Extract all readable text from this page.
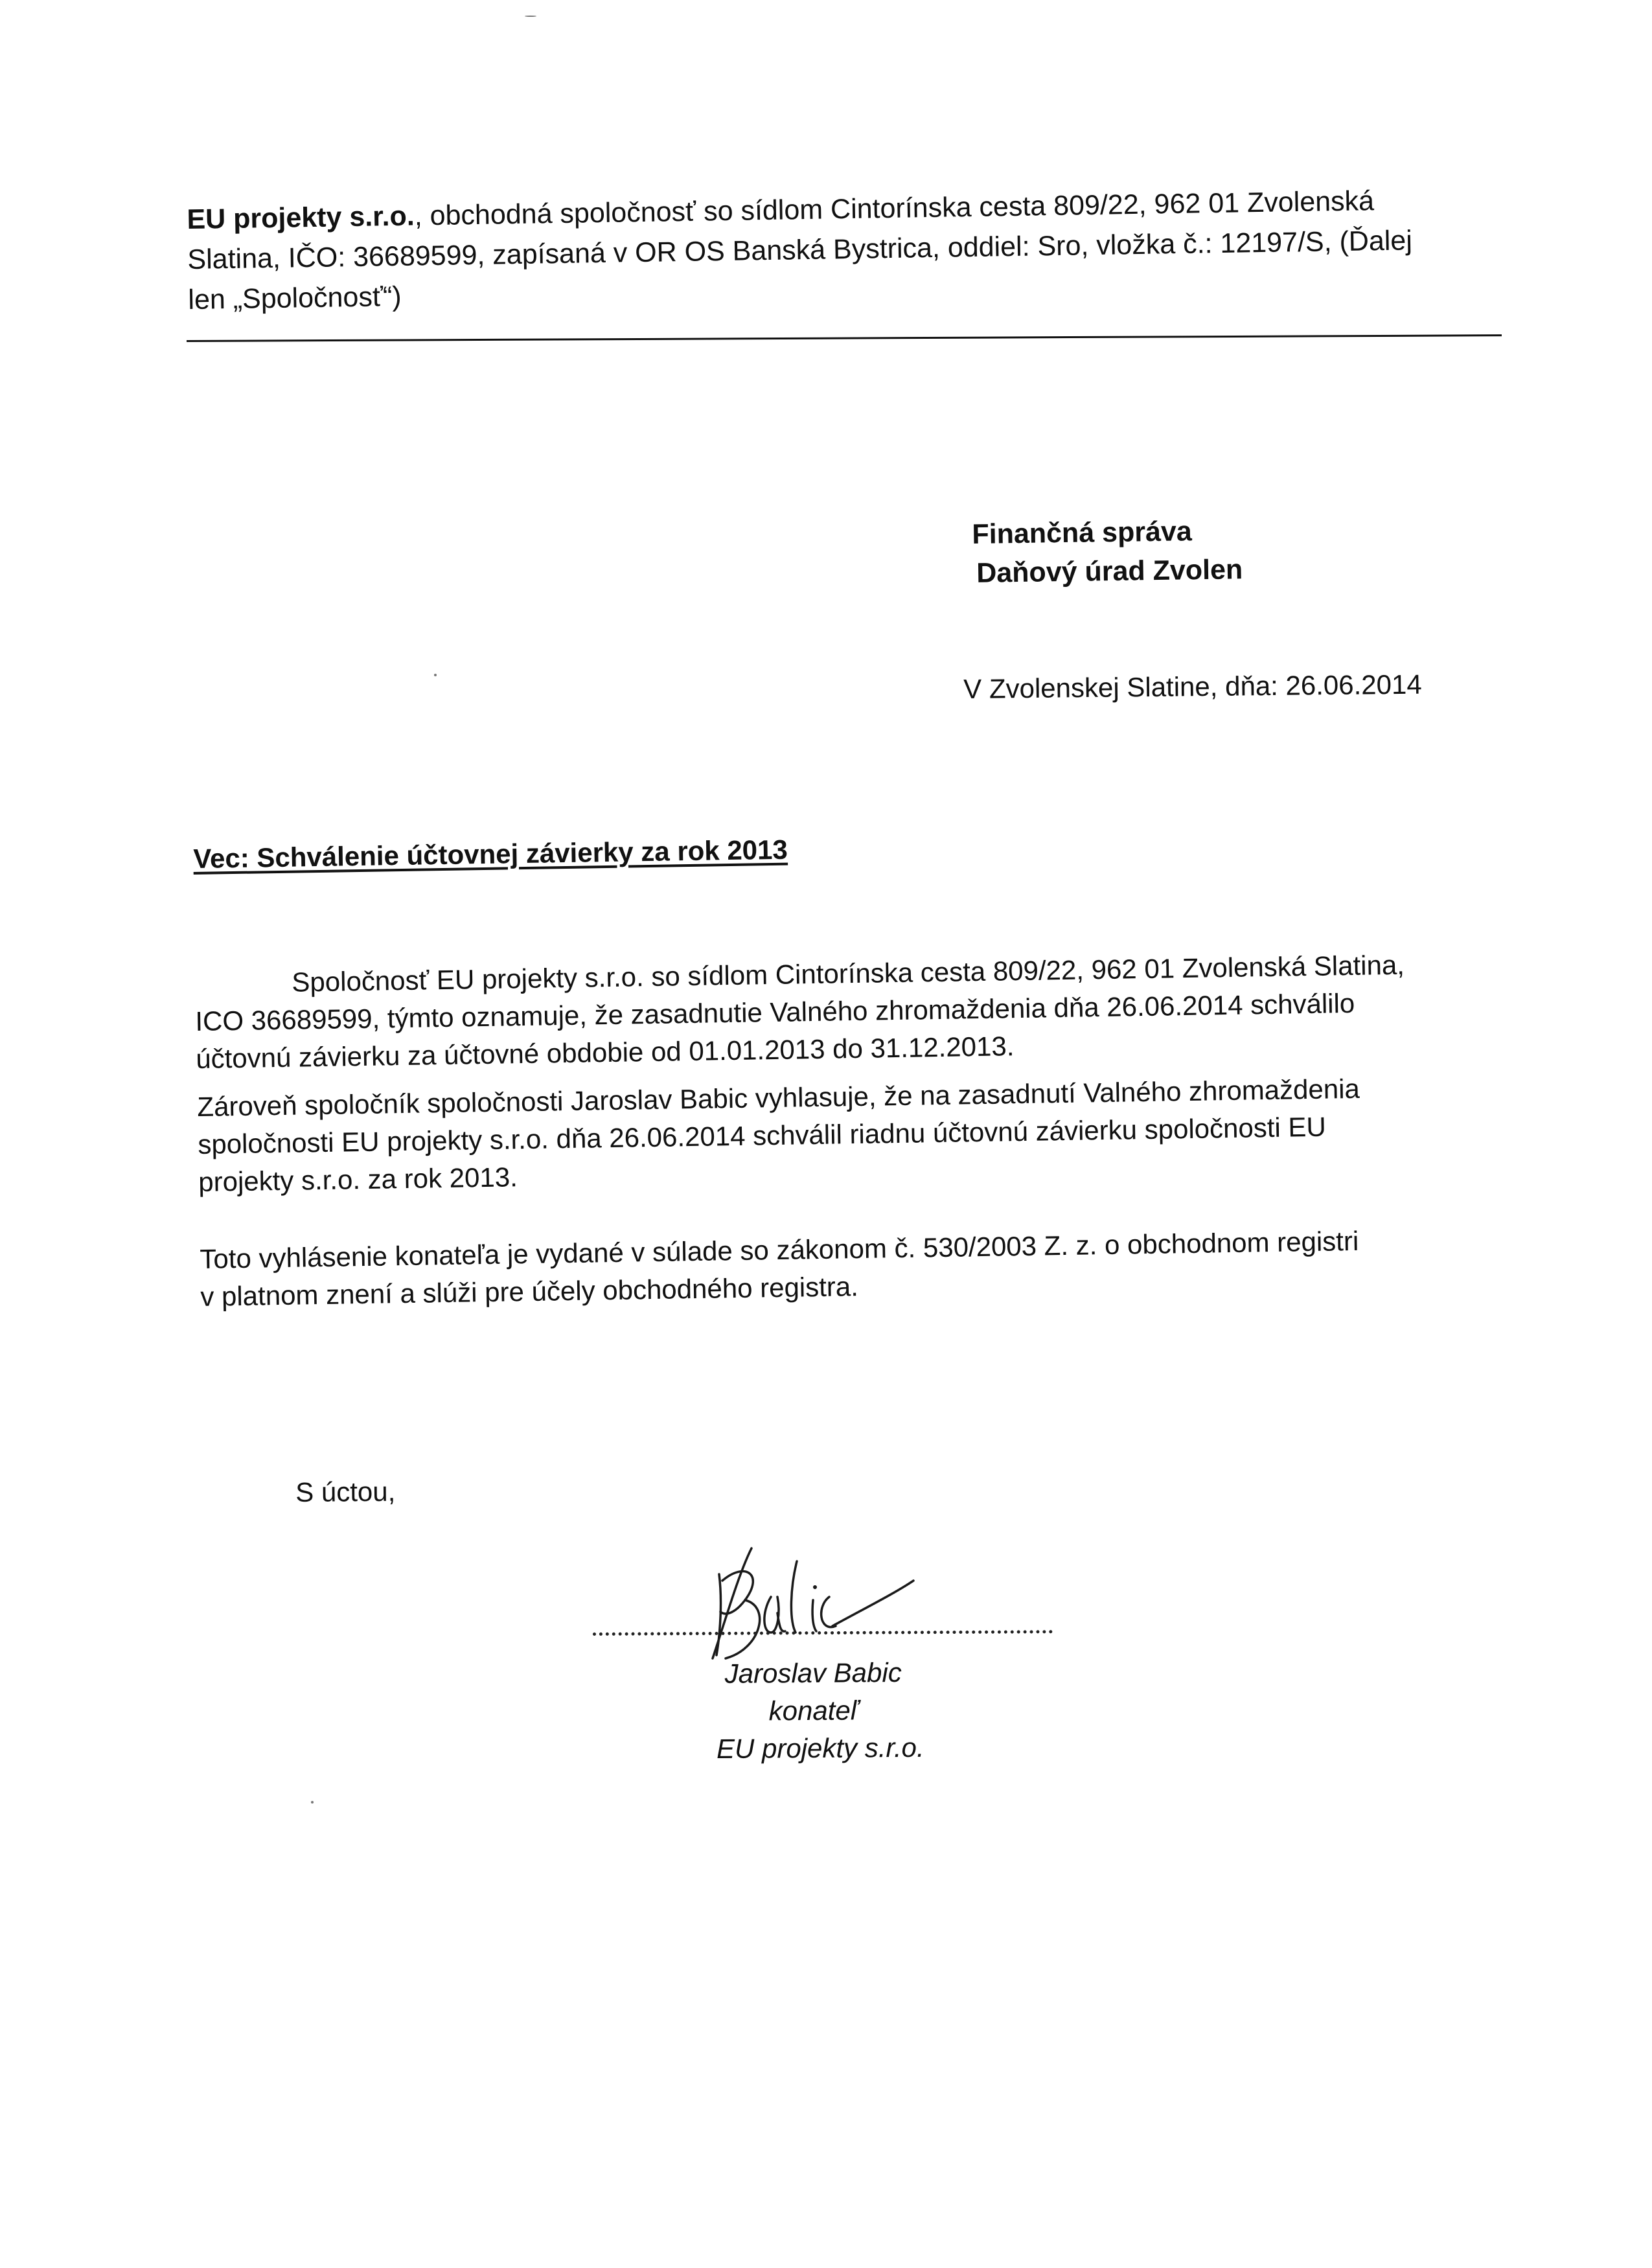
EU projekty s.r.o., obchodná spoločnosť so sídlom Cintorínska cesta 809/22, 962 01 Zvolenská
Slatina, IČO: 36689599, zapísaná v OR OS Banská Bystrica, oddiel: Sro, vložka č.: 12197/S, (Ďalej
len „Spoločnosť“)
Finančná správa
Daňový úrad Zvolen
V Zvolenskej Slatine, dňa: 26.06.2014
Vec: Schválenie účtovnej závierky za rok 2013
Spoločnosť EU projekty s.r.o. so sídlom Cintorínska cesta 809/22, 962 01 Zvolenská Slatina,
ICO 36689599, týmto oznamuje, že zasadnutie Valného zhromaždenia dňa 26.06.2014 schválilo
účtovnú závierku za účtovné obdobie od 01.01.2013 do 31.12.2013.
Zároveň spoločník spoločnosti Jaroslav Babic vyhlasuje, že na zasadnutí Valného zhromaždenia
spoločnosti EU projekty s.r.o. dňa 26.06.2014 schválil riadnu účtovnú závierku spoločnosti EU
projekty s.r.o. za rok 2013.
Toto vyhlásenie konateľa je vydané v súlade so zákonom č. 530/2003 Z. z. o obchodnom registri
v platnom znení a slúži pre účely obchodného registra.
S úctou,
Jaroslav Babic
konateľ
EU projekty s.r.o.
